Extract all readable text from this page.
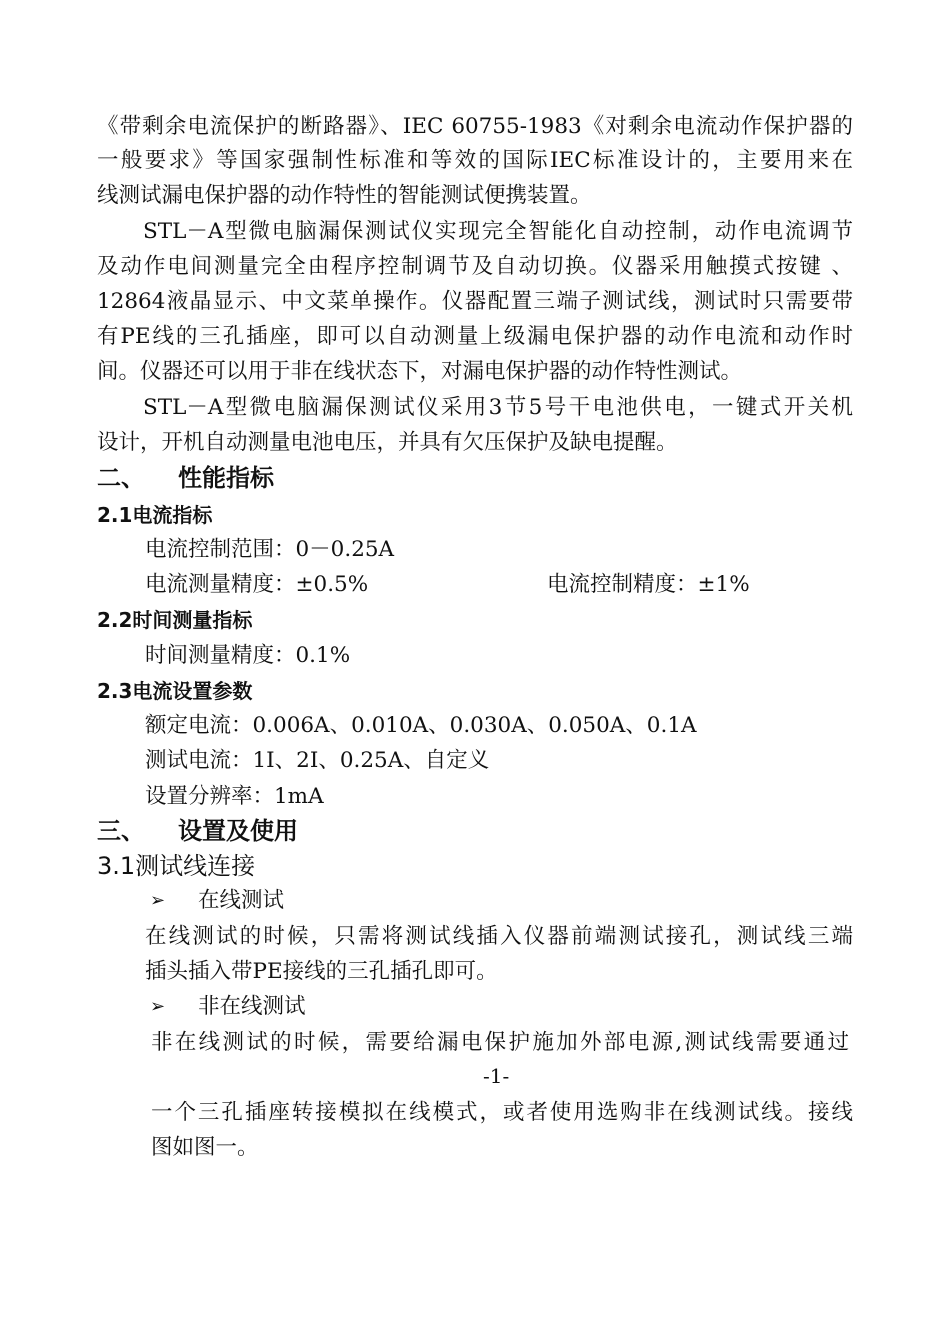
《带剩余电流保护的断路器》、IEC 60755-1983《对剩余电流动作保护器的
一般要求》等国家强制性标准和等效的国际IEC标准设计的，主要用来在
线测试漏电保护器的动作特性的智能测试便携装置。
STL－A型微电脑漏保测试仪实现完全智能化自动控制，动作电流调节
及动作电间测量完全由程序控制调节及自动切换。仪器采用触摸式按键 、
12864液晶显示、中文菜单操作。仪器配置三端子测试线，测试时只需要带
有PE线的三孔插座，即可以自动测量上级漏电保护器的动作电流和动作时
间。仪器还可以用于非在线状态下，对漏电保护器的动作特性测试。
STL－A型微电脑漏保测试仪采用3节5号干电池供电，一键式开关机
设计，开机自动测量电池电压，并具有欠压保护及缺电提醒。
二、 性能指标
2.1电流指标
电流控制范围：0－0.25A
电流测量精度：±0.5%	电流控制精度：±1%
2.2时间测量指标
时间测量精度：0.1%
2.3电流设置参数
额定电流：0.006A、0.010A、0.030A、0.050A、0.1A
测试电流：1I、2I、0.25A、自定义
设置分辨率：1mA
三、 设置及使用
3.1测试线连接
➢ 在线测试
在线测试的时候，只需将测试线插入仪器前端测试接孔，测试线三端
插头插入带PE接线的三孔插孔即可。
➢ 非在线测试
非在线测试的时候，需要给漏电保护施加外部电源,测试线需要通过
-1-
一个三孔插座转接模拟在线模式，或者使用选购非在线测试线。接线
图如图一。
